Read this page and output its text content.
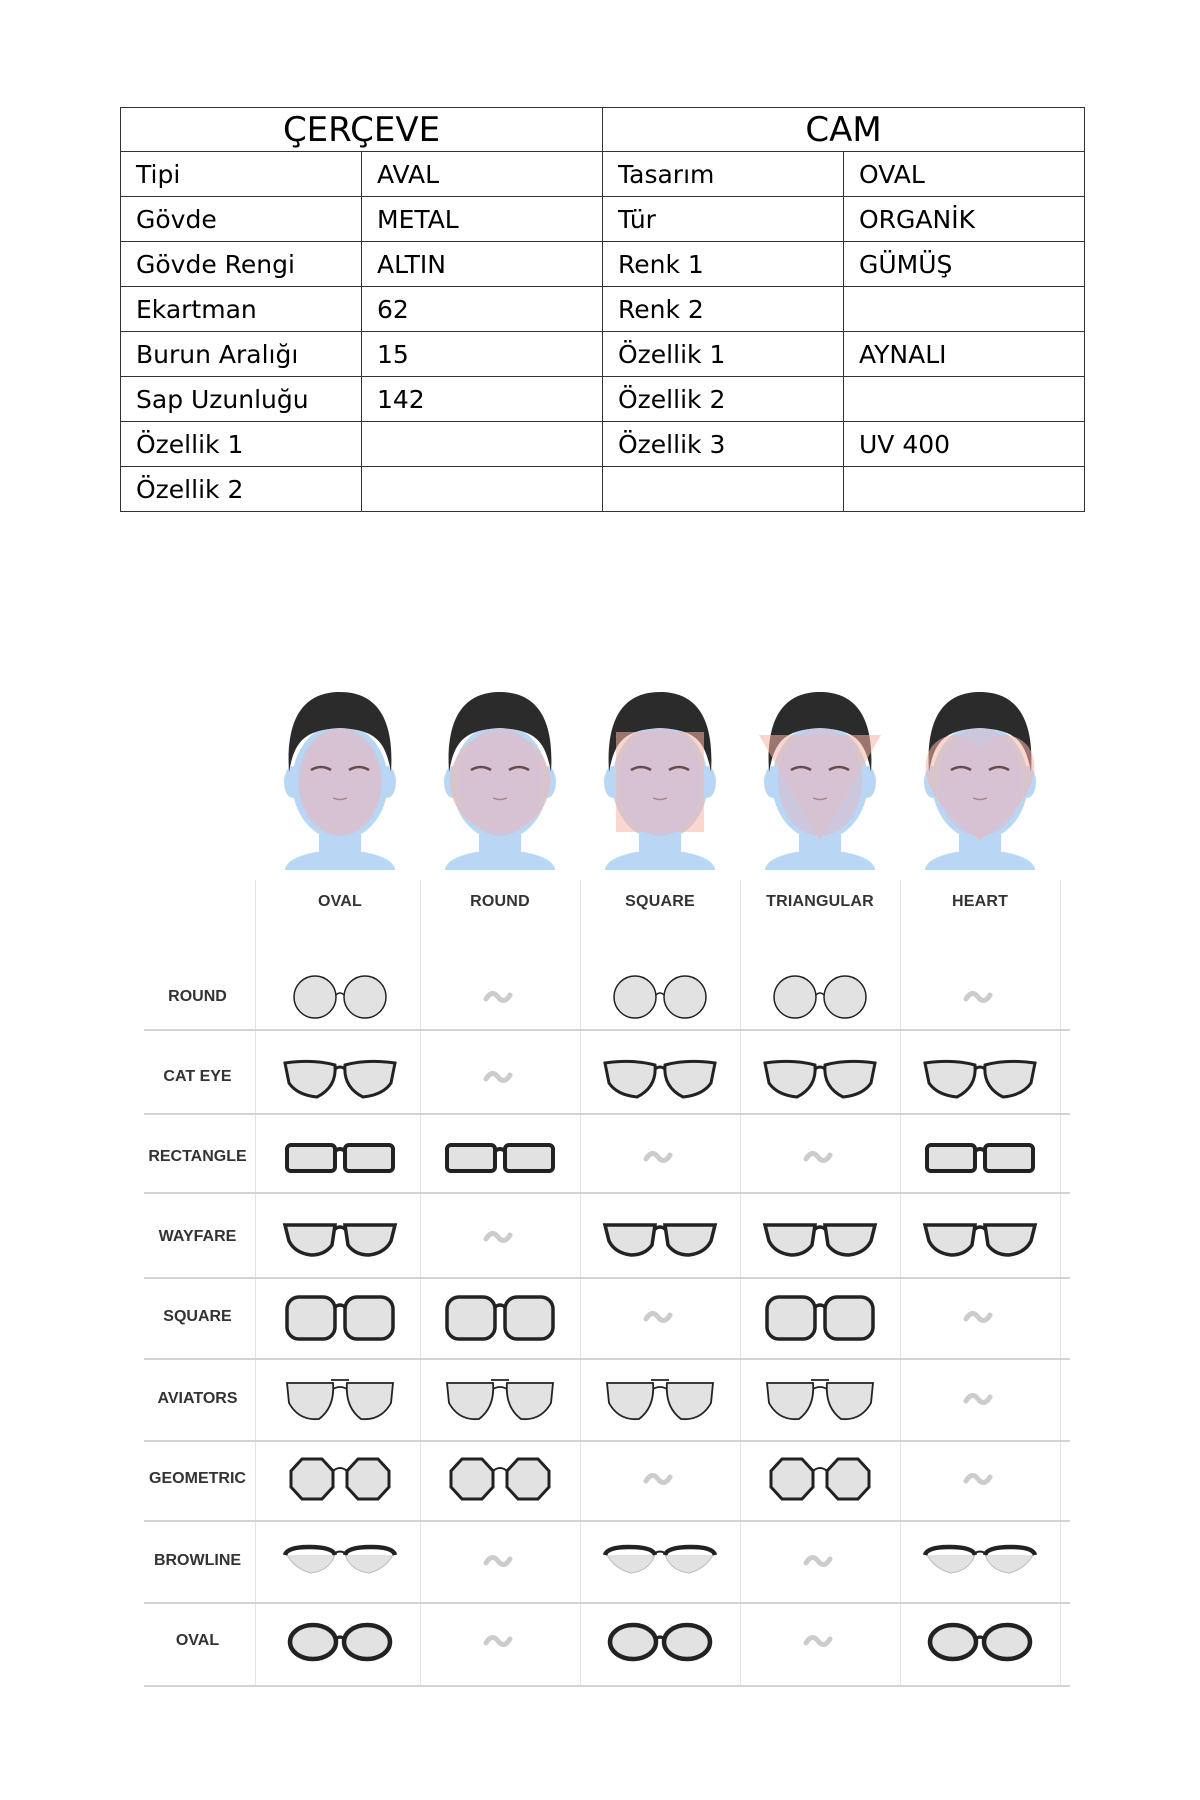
ÇERÇEVE		CAM	
Tipi	AVAL	Tasarım	OVAL
Gövde	METAL	Tür	ORGANİK
Gövde Rengi	ALTIN	Renk 1	GÜMÜŞ
Ekartman	62	Renk 2	
Burun Aralığı	15	Özellik 1	AYNALI
Sap Uzunluğu	142	Özellik 2	
Özellik 1		Özellik 3	UV 400
Özellik 2			
OVAL	ROUND	SQUARE	TRIANGULAR	HEART
ROUND
CAT EYE
RECTANGLE
WAYFARE
SQUARE
AVIATORS
GEOMETRIC
BROWLINE
OVAL
